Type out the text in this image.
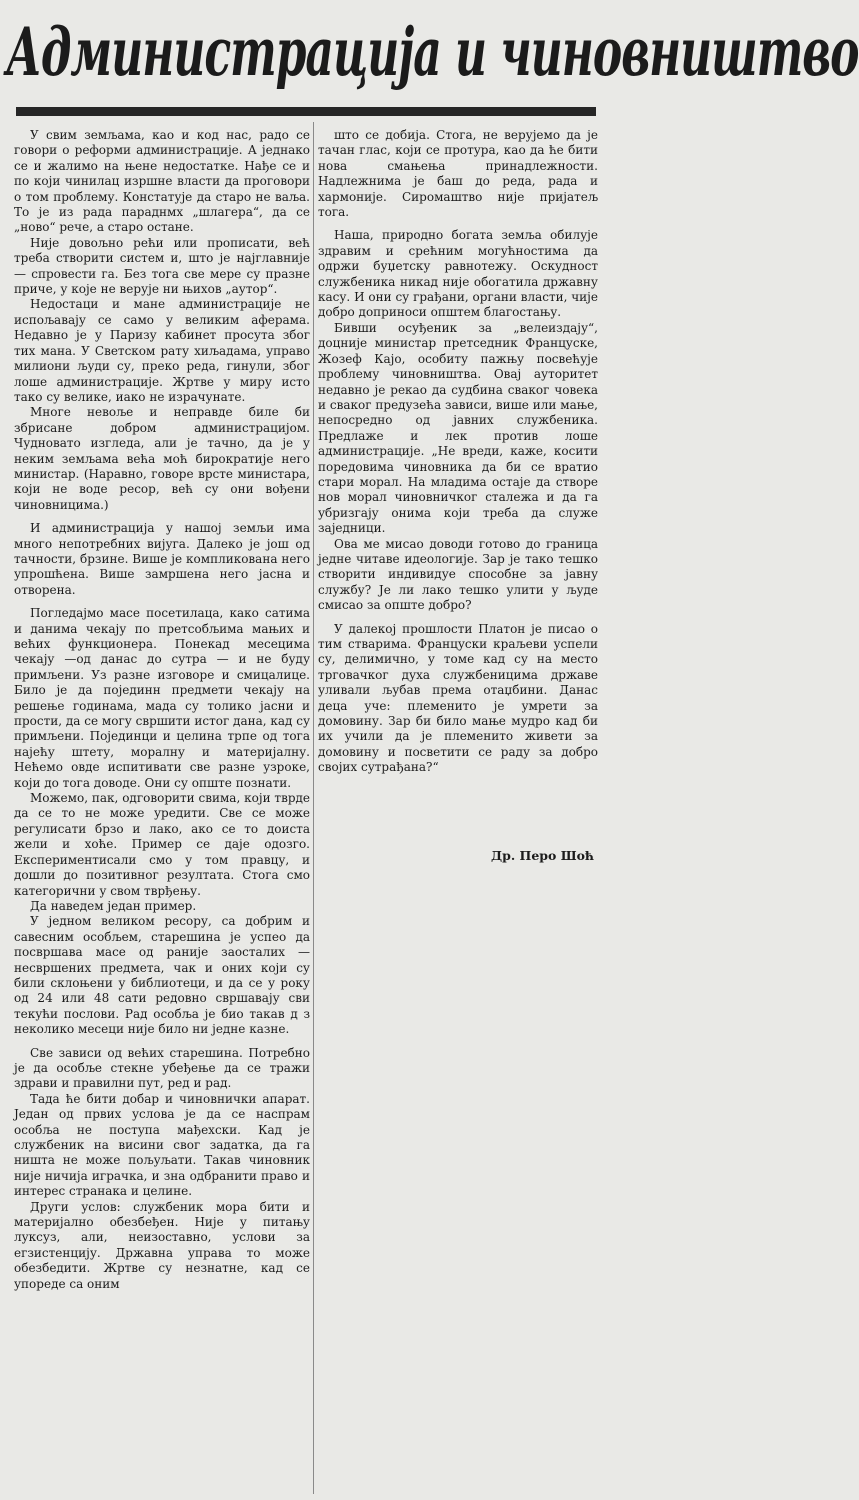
Администрација и чиновништво

У свим земљама, као и код нас, радо се говори о реформи администрације. А једнако се и жалимо на њене недостатке. Нађе се и по који чинилац изршне власти да проговори о том проблему. Констатује да старо не ваља. То је из рада параднмх „шлагера“, да се „ново“ рече, а старо остане.

Није довољно рећи или прописати, већ треба створити систем и, што је најглавније — спровести га. Без тога све мере су празне приче, у које не верује ни њихов „аутор“.

Недостаци и мане администрације не испољавају се само у великим аферама. Недавно је у Паризу кабинет просута због тих мана. У Светском рату хиљадама, управо милиони људи су, преко реда, гинули, због лоше администрације. Жртве у миру исто тако су велике, иако не израчунате.

Многе невоље и неправде биле би збрисане добром администрацијом. Чудновато изгледа, али је тачно, да је у неким земљама већа моћ бирократије него министар. (Наравно, говоре врсте министара, који не воде ресор, већ су они вођени чиновницима.)

И администрација у нашој земљи има много непотребних вијуга. Далеко је још од тачности, брзине. Више је компликована него упрошћена. Више замршена него јасна и отворена.

Погледајмо масе посетилаца, како сатима и данима чекају по претсобљима мањих и већих функционера. Понекад месецима чекају —од данас до сутра — и не буду примљени. Уз разне изговоре и смицалице. Било је да појединн предмети чекају на решење годинама, мада су толико јасни и прости, да се могу свршити истог дана, кад су примљени. Појединци и целина трпе од тога најећу штету, моралну и материјалну. Нећемо овде испитивати све разне узроке, који до тога доводе. Они су опште познати.

Можемо, пак, одговорити свима, који тврде да се то не може уредити. Све се може регулисати брзо и лако, ако се то доиста жели и хоће. Пример се даје одозго. Експериментисали смо у том правцу, и дошли до позитивног резултата. Стога смо категорични у свом тврђењу.

Да наведем један пример.

У једном великом ресору, са добрим и савесним особљем, старешина је успео да посвршава масе од раније заосталих — несвршених предмета, чак и оних који су били склоњени у библиотеци, и да се у року од 24 или 48 сати редовно свршавају сви текући послови. Рад особља је био такав д з неколико месеци није било ни једне казне.

Све зависи од већих старешина. Потребно је да особље стекне убеђење да се тражи здрави и правилни пут, ред и рад.

Тада ће бити добар и чиновнички апарат. Један од првих услова је да се наспрам особља не поступа мађехски. Кад је службеник на висини свог задатка, да га ништа не може пољуљати. Такав чиновник није ничија играчка, и зна одбранити право и интерес странака и целине.

Други услов: службеник мора бити и материјално обезбеђен. Није у питању луксуз, али, неизоставно, услови за егзистенцију. Државна управа то може обезбедити. Жртве су незнатне, кад се упореде са оним

што се добија. Стога, не верујемо да је тачан глас, који се протура, као да ће бити нова смањења принадлежности. Надлежнима је баш до реда, рада и хармоније. Сиромаштво није пријатељ тога.

Наша, природно богата земља обилује здравим и срећним могућностима да одржи буџетску равнотежу. Оскудност службеника никад није обогатила државну касу. И они су грађани, органи власти, чије добро доприноси општем благостању.

Бивши осуђеник за „велеиздају“, доцније министар претседник Француске, Жозеф Кајо, особиту пажњу посвећује проблему чиновништва. Овај ауторитет недавно је рекао да судбина сваког човека и сваког предузећа зависи, више или мање, непосредно од јавних службеника. Предлаже и лек против лоше администрације. „Не вреди, каже, косити поредовима чиновника да би се вратио стари морал. На младима остаје да створе нов морал чиновничког сталежа и да га убризгају онима који треба да служе заједници.

Ова ме мисао доводи готово до граница једне читаве идеологије. Зар је тако тешко створити индивидуе способне за јавну службу? Је ли лако тешко улити у људе смисао за опште добро?

У далекој прошлости Платон је писао о тим стварима. Француски краљеви успели су, делимично, у томе кад су на место трговачког духа службеницима државе уливали љубав према отаџбини. Данас деца уче: племенито је умрети за домовину. Зар би било мање мудро кад би их учили да је племенито живети за домовину и посветити се раду за добро својих сутрађана?“

Др. Перо Шоћ
